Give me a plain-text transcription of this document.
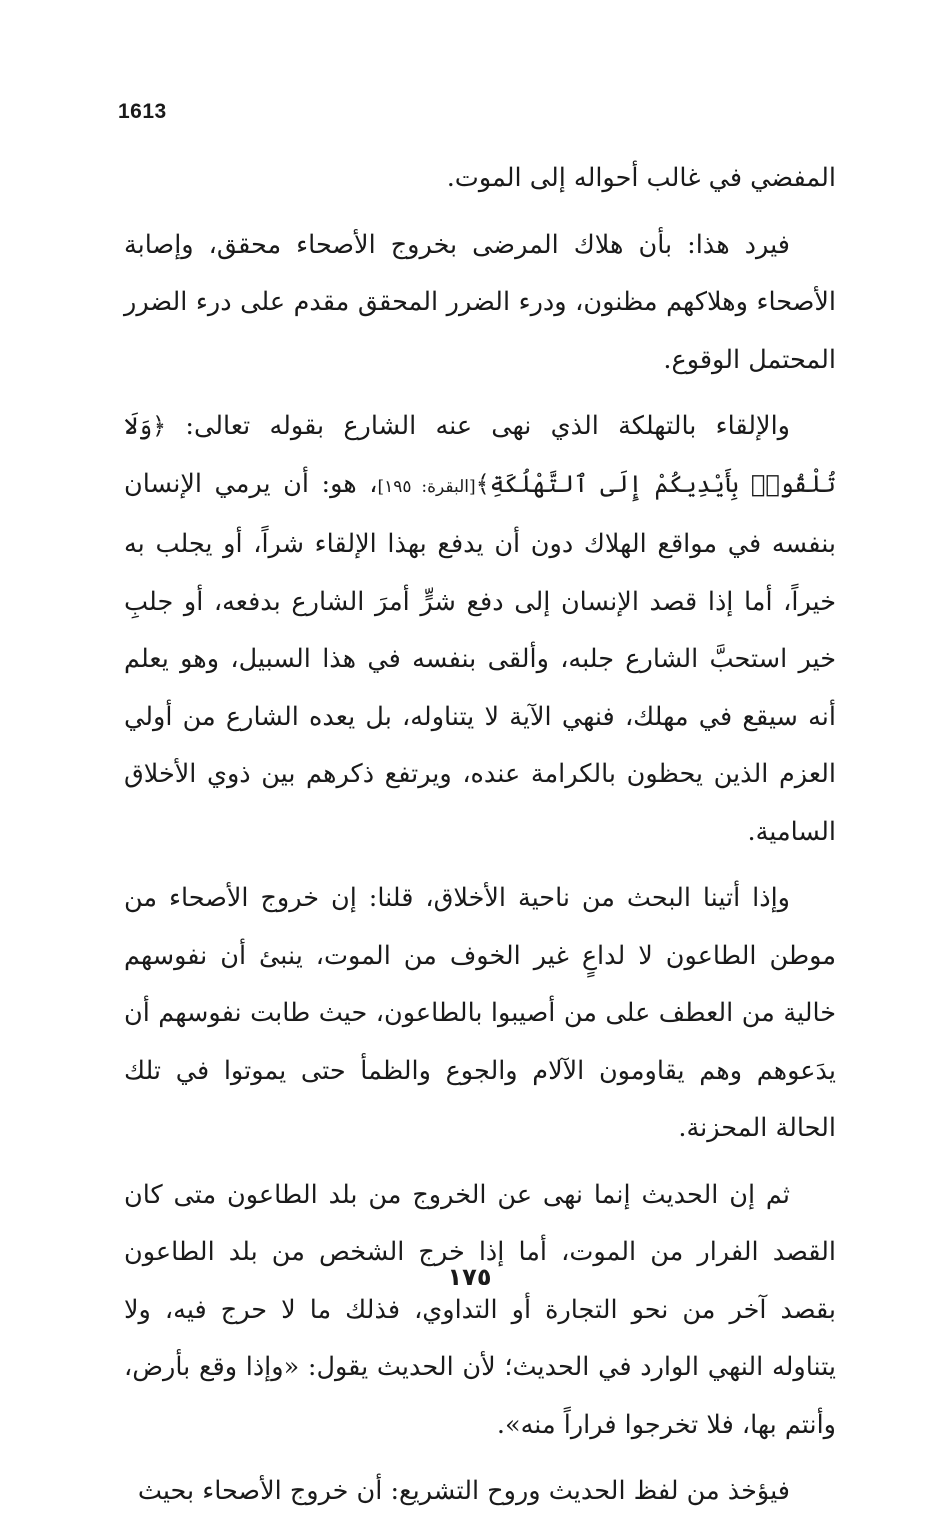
1613

المفضي في غالب أحواله إلى الموت.

فيرد هذا: بأن هلاك المرضى بخروج الأصحاء محقق، وإصابة الأصحاء وهلاكهم مظنون، ودرء الضرر المحقق مقدم على درء الضرر المحتمل الوقوع.

والإلقاء بالتهلكة الذي نهى عنه الشارع بقوله تعالى: ﴿وَلَا تُلْقُوا۟ بِأَيْدِيكُمْ إِلَى ٱلتَّهْلُكَةِ﴾[البقرة: ١٩٥]، هو: أن يرمي الإنسان بنفسه في مواقع الهلاك دون أن يدفع بهذا الإلقاء شراً، أو يجلب به خيراً، أما إذا قصد الإنسان إلى دفع شرٍّ أمرَ الشارع بدفعه، أو جلبِ خير استحبَّ الشارع جلبه، وألقى بنفسه في هذا السبيل، وهو يعلم أنه سيقع في مهلك، فنهي الآية لا يتناوله، بل يعده الشارع من أولي العزم الذين يحظون بالكرامة عنده، ويرتفع ذكرهم بين ذوي الأخلاق السامية.

وإذا أتينا البحث من ناحية الأخلاق، قلنا: إن خروج الأصحاء من موطن الطاعون لا لداعٍ غير الخوف من الموت، ينبئ أن نفوسهم خالية من العطف على من أصيبوا بالطاعون، حيث طابت نفوسهم أن يدَعوهم وهم يقاومون الآلام والجوع والظمأ حتى يموتوا في تلك الحالة المحزنة.

ثم إن الحديث إنما نهى عن الخروج من بلد الطاعون متى كان القصد الفرار من الموت، أما إذا خرج الشخص من بلد الطاعون بقصد آخر من نحو التجارة أو التداوي، فذلك ما لا حرج فيه، ولا يتناوله النهي الوارد في الحديث؛ لأن الحديث يقول: «وإذا وقع بأرض، وأنتم بها، فلا تخرجوا فراراً منه».

فيؤخذ من لفظ الحديث وروح التشريع: أن خروج الأصحاء بحيث

١٧٥
